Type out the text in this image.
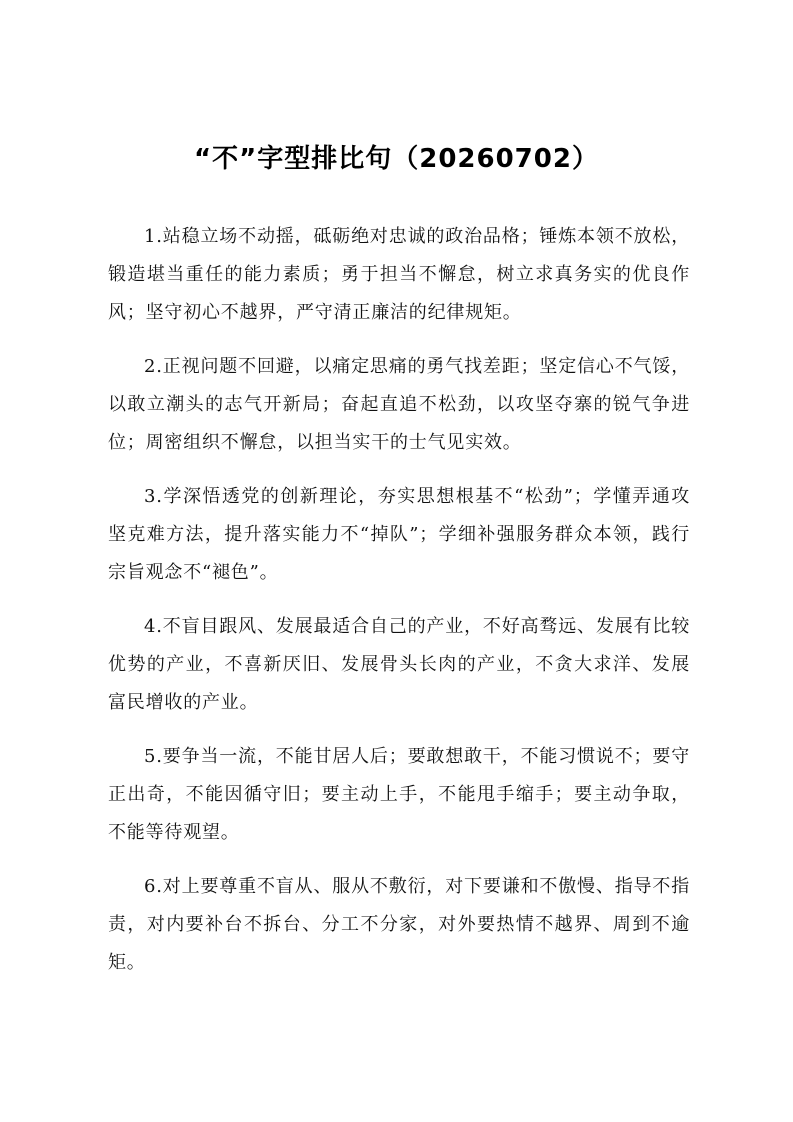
“不”字型排比句（20260702）

1.站稳立场不动摇，砥砺绝对忠诚的政治品格；锤炼本领不放松，锻造堪当重任的能力素质；勇于担当不懈怠，树立求真务实的优良作风；坚守初心不越界，严守清正廉洁的纪律规矩。

2.正视问题不回避，以痛定思痛的勇气找差距；坚定信心不气馁，以敢立潮头的志气开新局；奋起直追不松劲，以攻坚夺寨的锐气争进位；周密组织不懈怠，以担当实干的士气见实效。

3.学深悟透党的创新理论，夯实思想根基不“松劲”；学懂弄通攻坚克难方法，提升落实能力不“掉队”；学细补强服务群众本领，践行宗旨观念不“褪色”。

4.不盲目跟风、发展最适合自己的产业，不好高骛远、发展有比较优势的产业，不喜新厌旧、发展骨头长肉的产业，不贪大求洋、发展富民增收的产业。

5.要争当一流，不能甘居人后；要敢想敢干，不能习惯说不；要守正出奇，不能因循守旧；要主动上手，不能甩手缩手；要主动争取，不能等待观望。

6.对上要尊重不盲从、服从不敷衍，对下要谦和不傲慢、指导不指责，对内要补台不拆台、分工不分家，对外要热情不越界、周到不逾矩。
